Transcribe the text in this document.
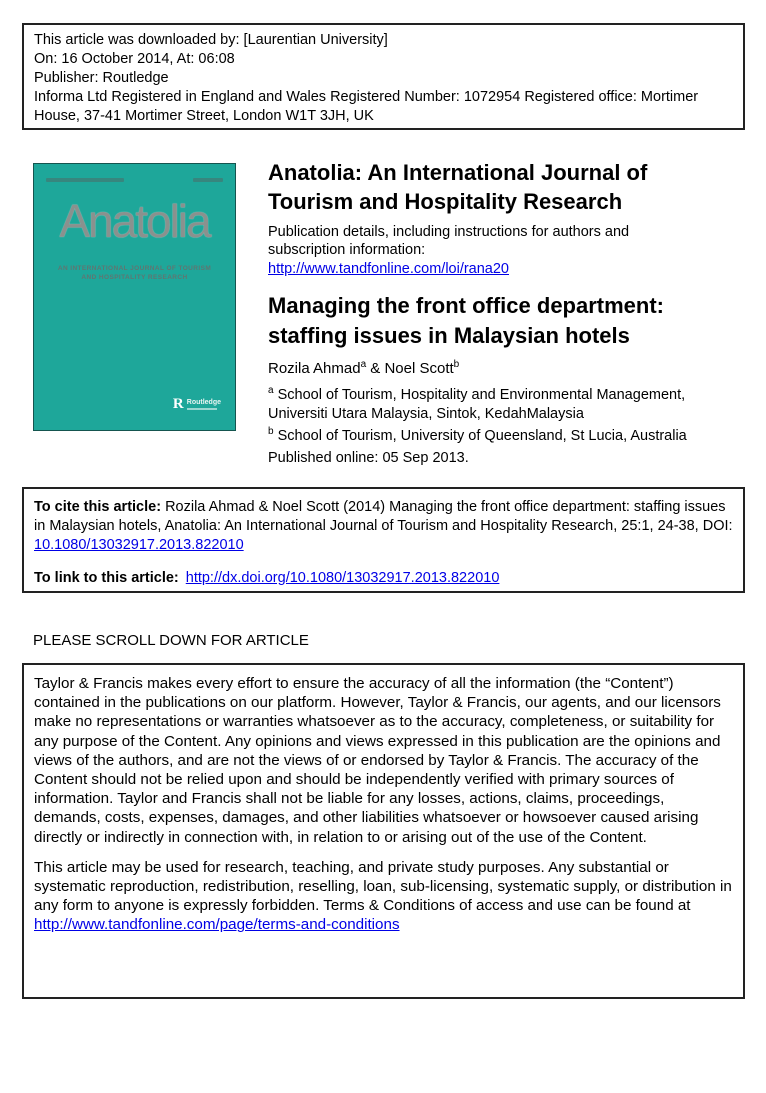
This article was downloaded by: [Laurentian University]

On: 16 October 2014, At: 06:08

Publisher: Routledge

Informa Ltd Registered in England and Wales Registered Number: 1072954 Registered office: Mortimer House, 37-41 Mortimer Street, London W1T 3JH, UK

Anatolia
AN INTERNATIONAL JOURNAL OF TOURISM
AND HOSPITALITY RESEARCH
R Routledge
Anatolia: An International Journal of Tourism and Hospitality Research

Publication details, including instructions for authors and subscription information:

http://www.tandfonline.com/loi/rana20
Managing the front office department: staffing issues in Malaysian hotels

Rozila Ahmad$^a$ & Noel Scott$^b$

$^a$ School of Tourism, Hospitality and Environmental Management, Universiti Utara Malaysia, Sintok, KedahMalaysia

$^b$ School of Tourism, University of Queensland, St Lucia, Australia

Published online: 05 Sep 2013.

To cite this article: Rozila Ahmad & Noel Scott (2014) Managing the front office department: staffing issues in Malaysian hotels, Anatolia: An International Journal of Tourism and Hospitality Research, 25:1, 24-38, DOI: 10.1080/13032917.2013.822010

To link to this article: http://dx.doi.org/10.1080/13032917.2013.822010

PLEASE SCROLL DOWN FOR ARTICLE

Taylor & Francis makes every effort to ensure the accuracy of all the information (the “Content”) contained in the publications on our platform. However, Taylor & Francis, our agents, and our licensors make no representations or warranties whatsoever as to the accuracy, completeness, or suitability for any purpose of the Content. Any opinions and views expressed in this publication are the opinions and views of the authors, and are not the views of or endorsed by Taylor & Francis. The accuracy of the Content should not be relied upon and should be independently verified with primary sources of information. Taylor and Francis shall not be liable for any losses, actions, claims, proceedings, demands, costs, expenses, damages, and other liabilities whatsoever or howsoever caused arising directly or indirectly in connection with, in relation to or arising out of the use of the Content.

This article may be used for research, teaching, and private study purposes. Any substantial or systematic reproduction, redistribution, reselling, loan, sub-licensing, systematic supply, or distribution in any form to anyone is expressly forbidden. Terms & Conditions of access and use can be found at http://www.tandfonline.com/page/terms-and-conditions
